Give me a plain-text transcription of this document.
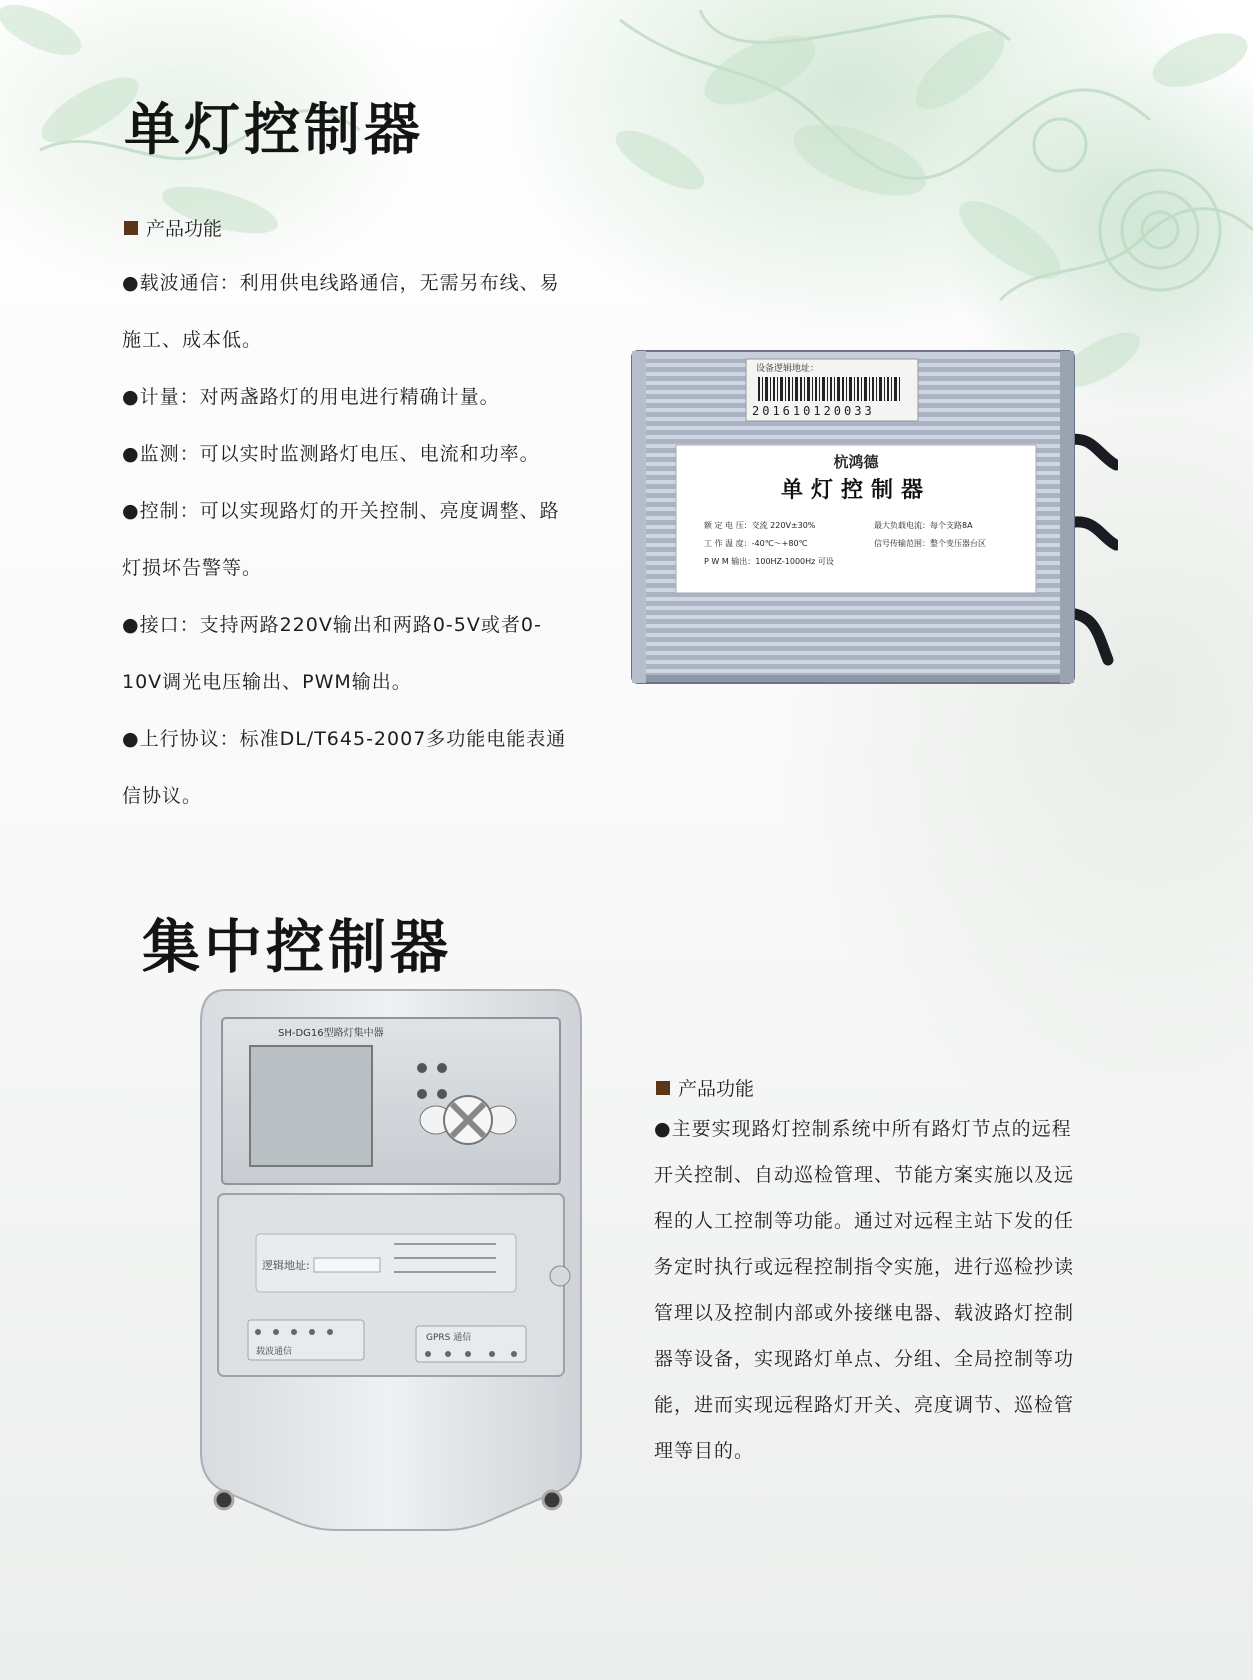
单灯控制器
产品功能
●载波通信：利用供电线路通信，无需另布线、易
施工、成本低。
●计量：对两盏路灯的用电进行精确计量。
●监测：可以实时监测路灯电压、电流和功率。
●控制：可以实现路灯的开关控制、亮度调整、路
灯损坏告警等。
●接口：支持两路220V输出和两路0-5V或者0-
10V调光电压输出、PWM输出。
●上行协议：标准DL/T645-2007多功能电能表通
信协议。
设备逻辑地址：
201610120033
杭鸿德
单灯控制器
额 定 电 压：交流 220V±30%	最大负载电流：每个支路8A
工 作 温 度：-40℃～+80℃	信号传输范围：整个变压器台区
P W M 输出：100HZ-1000Hz 可设
集中控制器
SH-DG16型路灯集中器
逻辑地址:
载波通信
GPRS 通信
产品功能
●主要实现路灯控制系统中所有路灯节点的远程
开关控制、自动巡检管理、节能方案实施以及远
程的人工控制等功能。通过对远程主站下发的任
务定时执行或远程控制指令实施，进行巡检抄读
管理以及控制内部或外接继电器、载波路灯控制
器等设备，实现路灯单点、分组、全局控制等功
能，进而实现远程路灯开关、亮度调节、巡检管
理等目的。
